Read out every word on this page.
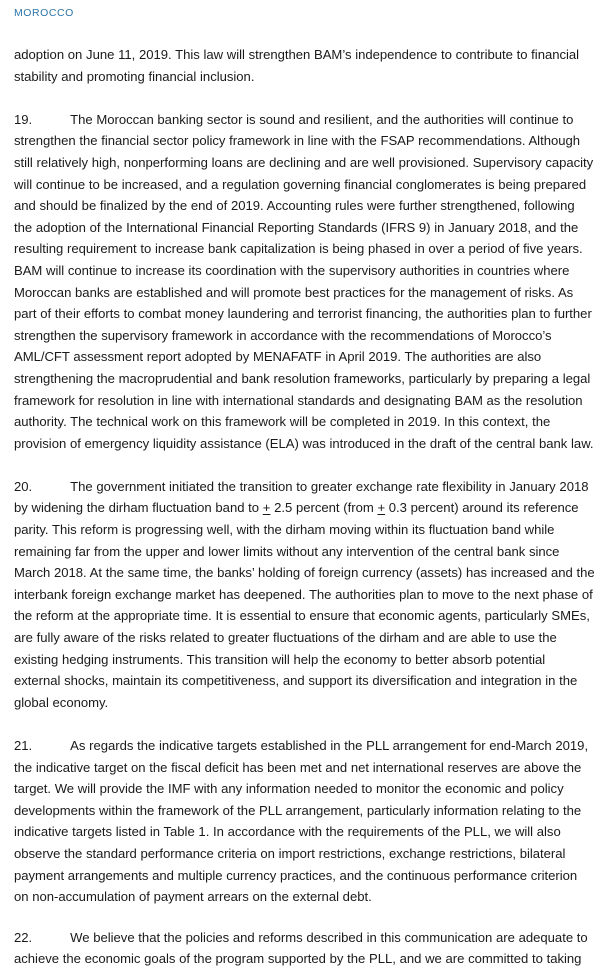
MOROCCO

adoption on June 11, 2019. This law will strengthen BAM’s independence to contribute to financial stability and promoting financial inclusion.

19.	The Moroccan banking sector is sound and resilient, and the authorities will continue to strengthen the financial sector policy framework in line with the FSAP recommendations. Although still relatively high, nonperforming loans are declining and are well provisioned. Supervisory capacity will continue to be increased, and a regulation governing financial conglomerates is being prepared and should be finalized by the end of 2019. Accounting rules were further strengthened, following the adoption of the International Financial Reporting Standards (IFRS 9) in January 2018, and the resulting requirement to increase bank capitalization is being phased in over a period of five years. BAM will continue to increase its coordination with the supervisory authorities in countries where Moroccan banks are established and will promote best practices for the management of risks. As part of their efforts to combat money laundering and terrorist financing, the authorities plan to further strengthen the supervisory framework in accordance with the recommendations of Morocco’s AML/CFT assessment report adopted by MENAFATF in April 2019. The authorities are also strengthening the macroprudential and bank resolution frameworks, particularly by preparing a legal framework for resolution in line with international standards and designating BAM as the resolution authority. The technical work on this framework will be completed in 2019. In this context, the provision of emergency liquidity assistance (ELA) was introduced in the draft of the central bank law.

20.	The government initiated the transition to greater exchange rate flexibility in January 2018 by widening the dirham fluctuation band to + 2.5 percent (from + 0.3 percent) around its reference parity. This reform is progressing well, with the dirham moving within its fluctuation band while remaining far from the upper and lower limits without any intervention of the central bank since March 2018. At the same time, the banks’ holding of foreign currency (assets) has increased and the interbank foreign exchange market has deepened. The authorities plan to move to the next phase of the reform at the appropriate time. It is essential to ensure that economic agents, particularly SMEs, are fully aware of the risks related to greater fluctuations of the dirham and are able to use the existing hedging instruments. This transition will help the economy to better absorb potential external shocks, maintain its competitiveness, and support its diversification and integration in the global economy.

21.	As regards the indicative targets established in the PLL arrangement for end-March 2019, the indicative target on the fiscal deficit has been met and net international reserves are above the target. We will provide the IMF with any information needed to monitor the economic and policy developments within the framework of the PLL arrangement, particularly information relating to the indicative targets listed in Table 1. In accordance with the requirements of the PLL, we will also observe the standard performance criteria on import restrictions, exchange restrictions, bilateral payment arrangements and multiple currency practices, and the continuous performance criterion on non-accumulation of payment arrears on the external debt.

22.	We believe that the policies and reforms described in this communication are adequate to achieve the economic goals of the program supported by the PLL, and we are committed to taking
